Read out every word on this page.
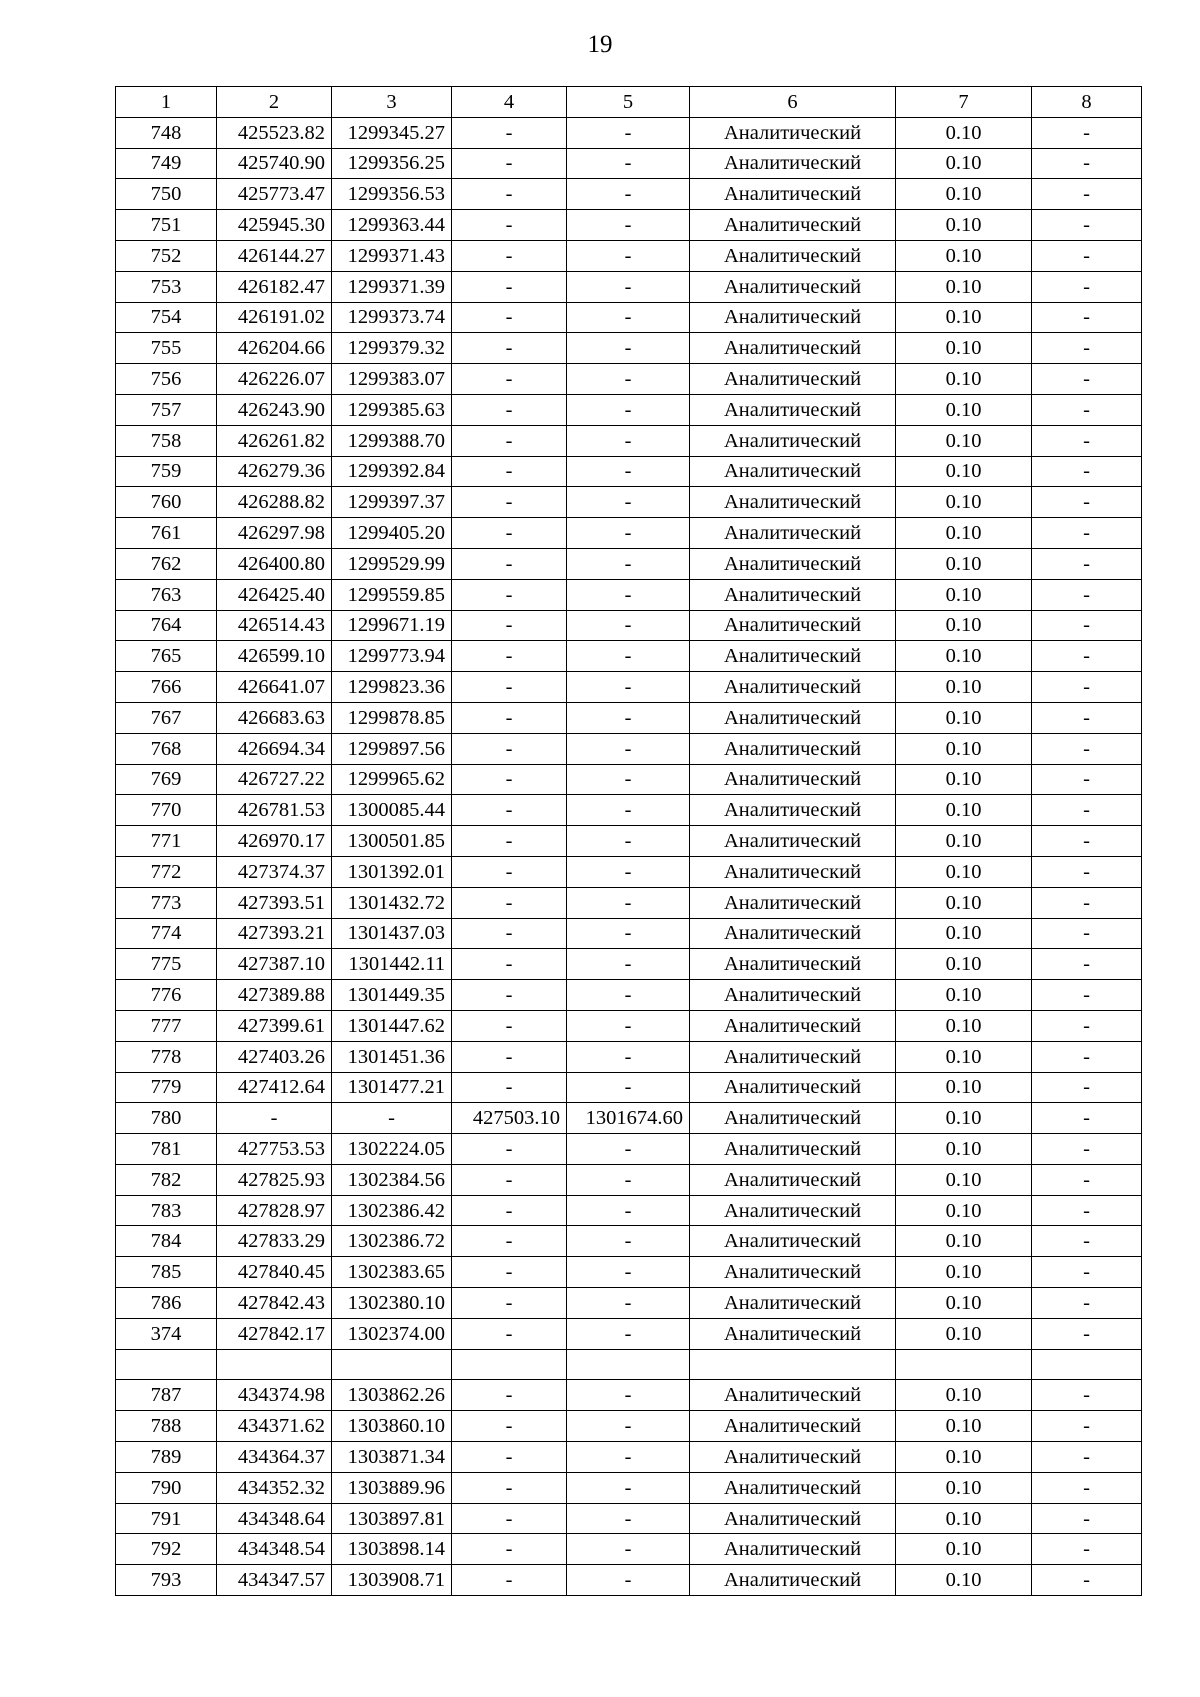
19
1	2	3	4	5	6	7	8
748	425523.82	1299345.27	-	-	Аналитический	0.10	-
749	425740.90	1299356.25	-	-	Аналитический	0.10	-
750	425773.47	1299356.53	-	-	Аналитический	0.10	-
751	425945.30	1299363.44	-	-	Аналитический	0.10	-
752	426144.27	1299371.43	-	-	Аналитический	0.10	-
753	426182.47	1299371.39	-	-	Аналитический	0.10	-
754	426191.02	1299373.74	-	-	Аналитический	0.10	-
755	426204.66	1299379.32	-	-	Аналитический	0.10	-
756	426226.07	1299383.07	-	-	Аналитический	0.10	-
757	426243.90	1299385.63	-	-	Аналитический	0.10	-
758	426261.82	1299388.70	-	-	Аналитический	0.10	-
759	426279.36	1299392.84	-	-	Аналитический	0.10	-
760	426288.82	1299397.37	-	-	Аналитический	0.10	-
761	426297.98	1299405.20	-	-	Аналитический	0.10	-
762	426400.80	1299529.99	-	-	Аналитический	0.10	-
763	426425.40	1299559.85	-	-	Аналитический	0.10	-
764	426514.43	1299671.19	-	-	Аналитический	0.10	-
765	426599.10	1299773.94	-	-	Аналитический	0.10	-
766	426641.07	1299823.36	-	-	Аналитический	0.10	-
767	426683.63	1299878.85	-	-	Аналитический	0.10	-
768	426694.34	1299897.56	-	-	Аналитический	0.10	-
769	426727.22	1299965.62	-	-	Аналитический	0.10	-
770	426781.53	1300085.44	-	-	Аналитический	0.10	-
771	426970.17	1300501.85	-	-	Аналитический	0.10	-
772	427374.37	1301392.01	-	-	Аналитический	0.10	-
773	427393.51	1301432.72	-	-	Аналитический	0.10	-
774	427393.21	1301437.03	-	-	Аналитический	0.10	-
775	427387.10	1301442.11	-	-	Аналитический	0.10	-
776	427389.88	1301449.35	-	-	Аналитический	0.10	-
777	427399.61	1301447.62	-	-	Аналитический	0.10	-
778	427403.26	1301451.36	-	-	Аналитический	0.10	-
779	427412.64	1301477.21	-	-	Аналитический	0.10	-
780	-	-	427503.10	1301674.60	Аналитический	0.10	-
781	427753.53	1302224.05	-	-	Аналитический	0.10	-
782	427825.93	1302384.56	-	-	Аналитический	0.10	-
783	427828.97	1302386.42	-	-	Аналитический	0.10	-
784	427833.29	1302386.72	-	-	Аналитический	0.10	-
785	427840.45	1302383.65	-	-	Аналитический	0.10	-
786	427842.43	1302380.10	-	-	Аналитический	0.10	-
374	427842.17	1302374.00	-	-	Аналитический	0.10	-

787	434374.98	1303862.26	-	-	Аналитический	0.10	-
788	434371.62	1303860.10	-	-	Аналитический	0.10	-
789	434364.37	1303871.34	-	-	Аналитический	0.10	-
790	434352.32	1303889.96	-	-	Аналитический	0.10	-
791	434348.64	1303897.81	-	-	Аналитический	0.10	-
792	434348.54	1303898.14	-	-	Аналитический	0.10	-
793	434347.57	1303908.71	-	-	Аналитический	0.10	-
